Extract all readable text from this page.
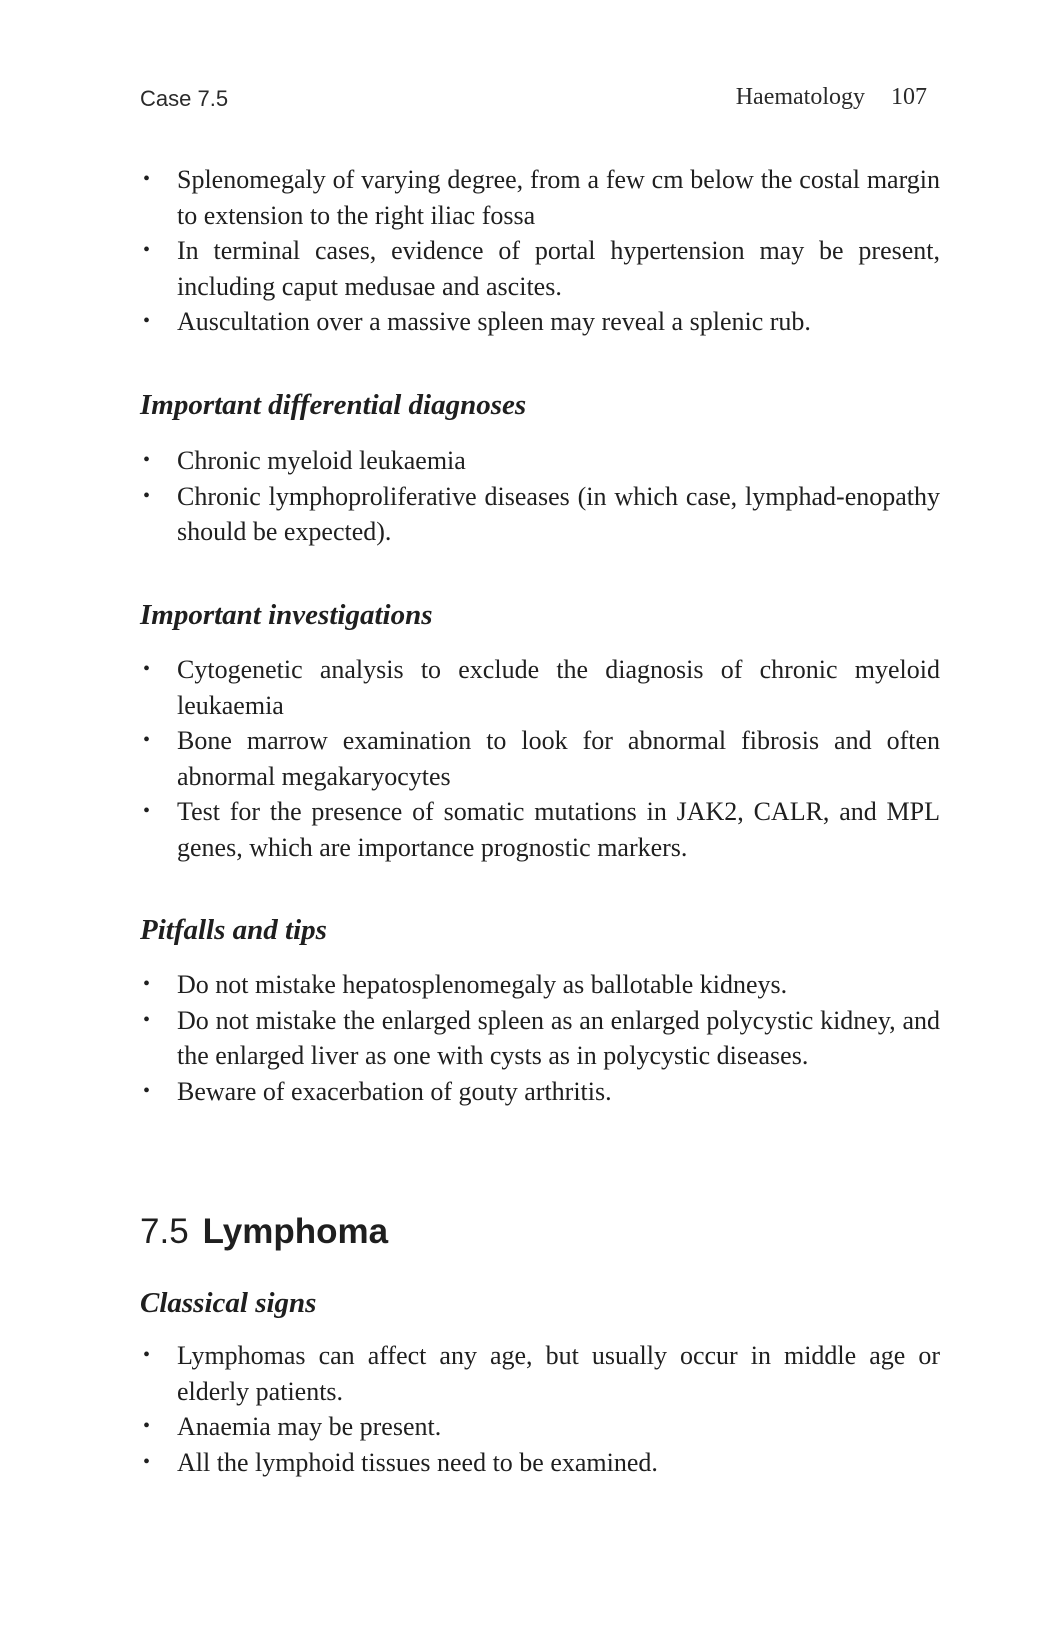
Case 7.5	Haematology 107
• Splenomegaly of varying degree, from a few cm below the costal margin to extension to the right iliac fossa
• In terminal cases, evidence of portal hypertension may be present, including caput medusae and ascites.
• Auscultation over a massive spleen may reveal a splenic rub.
Important differential diagnoses
• Chronic myeloid leukaemia
• Chronic lymphoproliferative diseases (in which case, lymphad-enopathy should be expected).
Important investigations
• Cytogenetic analysis to exclude the diagnosis of chronic myeloid leukaemia
• Bone marrow examination to look for abnormal fibrosis and often abnormal megakaryocytes
• Test for the presence of somatic mutations in JAK2, CALR, and MPL genes, which are importance prognostic markers.
Pitfalls and tips
• Do not mistake hepatosplenomegaly as ballotable kidneys.
• Do not mistake the enlarged spleen as an enlarged polycystic kidney, and the enlarged liver as one with cysts as in polycystic diseases.
• Beware of exacerbation of gouty arthritis.
7.5 Lymphoma
Classical signs
• Lymphomas can affect any age, but usually occur in middle age or elderly patients.
• Anaemia may be present.
• All the lymphoid tissues need to be examined.
